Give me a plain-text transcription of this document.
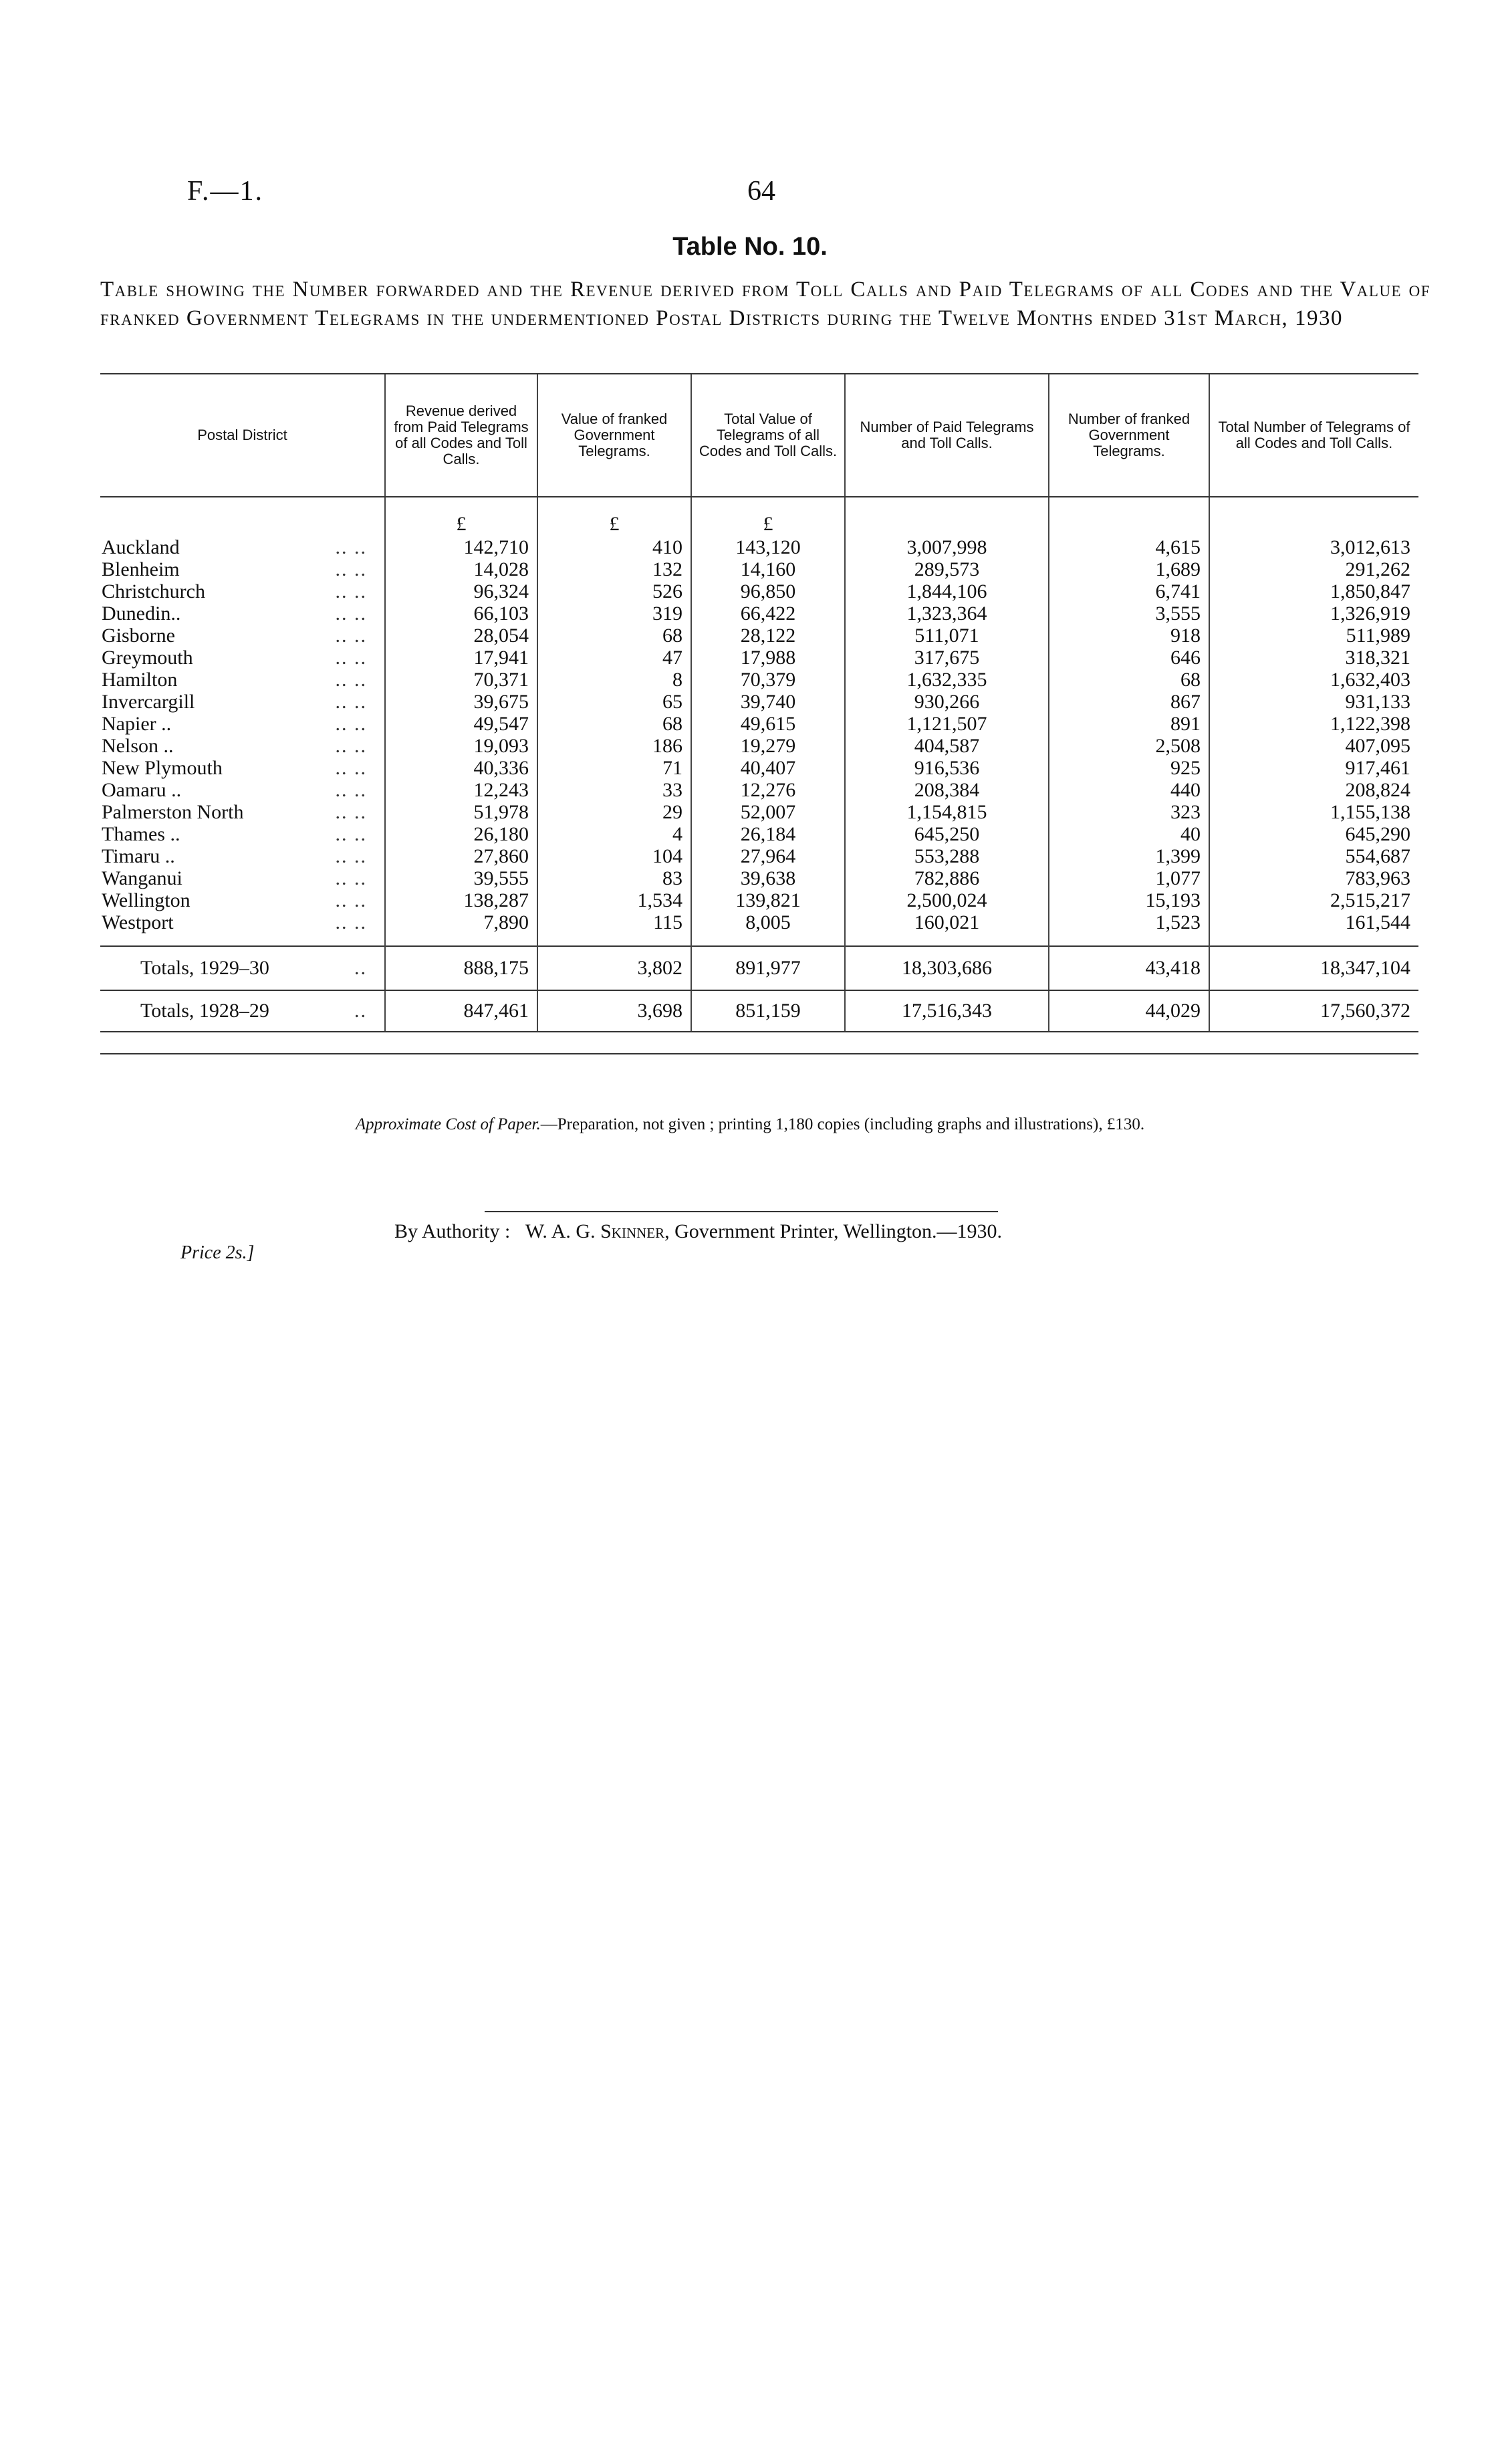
F.—1.	64
Table No. 10.
Table showing the Number forwarded and the Revenue derived from Toll Calls and Paid Telegrams of all Codes and the Value of franked Government Telegrams in the undermentioned Postal Districts during the Twelve Months ended 31st March, 1930
Postal District	Revenue derived from Paid Telegrams of all Codes and Toll Calls.	Value of franked Government Telegrams.	Total Value of Telegrams of all Codes and Toll Calls.	Number of Paid Telegrams and Toll Calls.	Number of franked Government Telegrams.	Total Number of Telegrams of all Codes and Toll Calls.

	£	£	£			

Auckland .. ..	142,710	410	143,120	3,007,998	4,615	3,012,613

Blenheim .. ..	14,028	132	14,160	289,573	1,689	291,262

Christchurch .. ..	96,324	526	96,850	1,844,106	6,741	1,850,847

Dunedin.. .. ..	66,103	319	66,422	1,323,364	3,555	1,326,919

Gisborne .. ..	28,054	68	28,122	511,071	918	511,989

Greymouth .. ..	17,941	47	17,988	317,675	646	318,321

Hamilton .. ..	70,371	8	70,379	1,632,335	68	1,632,403

Invercargill .. ..	39,675	65	39,740	930,266	867	931,133

Napier .. .. ..	49,547	68	49,615	1,121,507	891	1,122,398

Nelson .. .. ..	19,093	186	19,279	404,587	2,508	407,095

New Plymouth .. ..	40,336	71	40,407	916,536	925	917,461

Oamaru .. .. ..	12,243	33	12,276	208,384	440	208,824

Palmerston North .. ..	51,978	29	52,007	1,154,815	323	1,155,138

Thames .. .. ..	26,180	4	26,184	645,250	40	645,290

Timaru .. .. ..	27,860	104	27,964	553,288	1,399	554,687

Wanganui .. ..	39,555	83	39,638	782,886	1,077	783,963

Wellington .. ..	138,287	1,534	139,821	2,500,024	15,193	2,515,217

Westport .. ..	7,890	115	8,005	160,021	1,523	161,544

Totals, 1929–30 ..	888,175	3,802	891,977	18,303,686	43,418	18,347,104

Totals, 1928–29 ..	847,461	3,698	851,159	17,516,343	44,029	17,560,372
Approximate Cost of Paper.—Preparation, not given ; printing 1,180 copies (including graphs and illustrations), £130.
By Authority : W. A. G. Skinner, Government Printer, Wellington.—1930.
Price 2s.]
